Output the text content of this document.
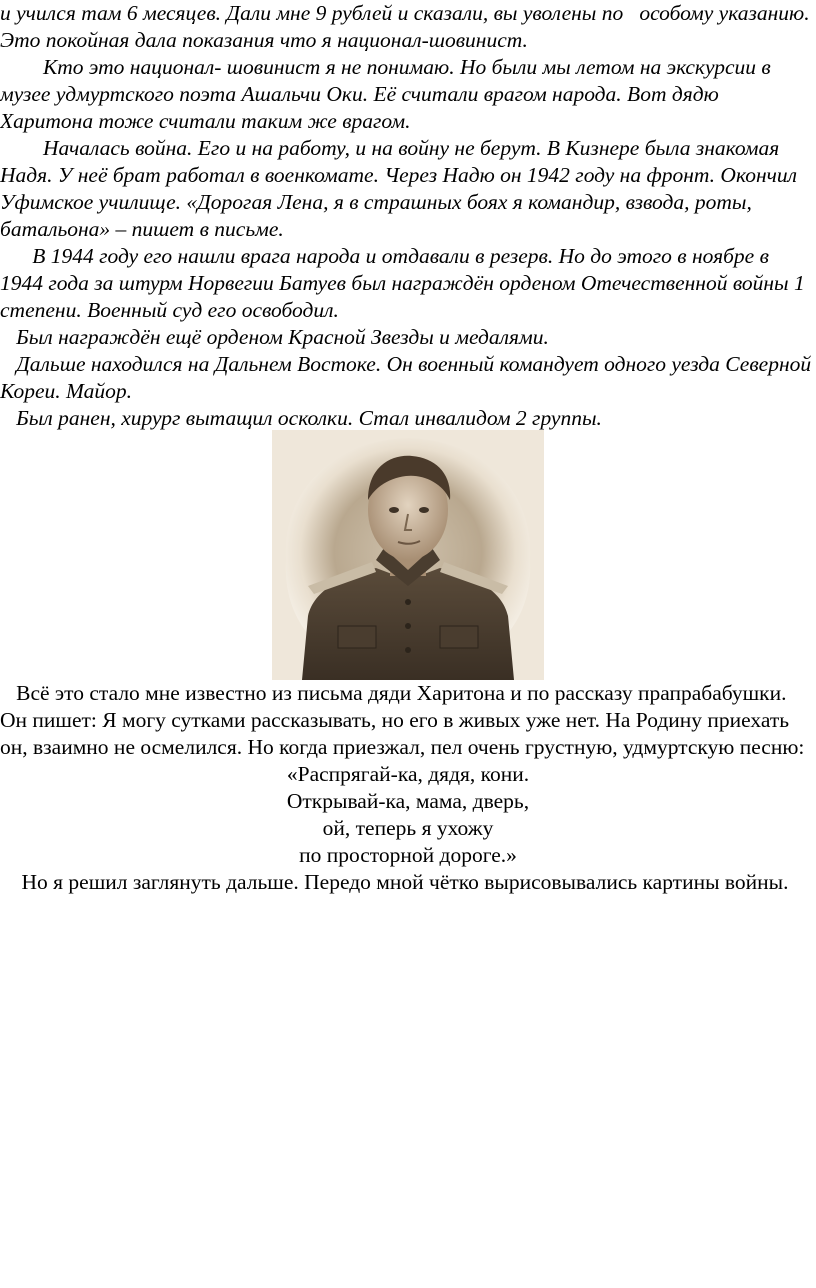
и учился там 6 месяцев. Дали мне 9 рублей и сказали, вы уволены по   особому указанию. Это покойная дала показания что я национал-шовинист.

Кто это национал- шовинист я не понимаю. Но были мы летом на экскурсии в музее удмуртского поэта Ашальчи Оки. Её считали врагом народа. Вот дядю Харитона тоже считали таким же врагом.

Началась война. Его и на работу, и на войну не берут. В Кизнере была знакомая Надя. У неё брат работал в военкомате. Через Надю он 1942 году на фронт. Окончил Уфимское училище. «Дорогая Лена, я в страшных боях я командир, взвода, роты, батальона» – пишет в письме.

В 1944 году его нашли врага народа и отдавали в резерв. Но до этого в ноябре в 1944 года за штурм Норвегии Батуев был награждён орденом Отечественной войны 1 степени. Военный суд его освободил.

Был награждён ещё орденом Красной Звезды и медалями.

Дальше находился на Дальнем Востоке. Он военный командует одного уезда Северной Кореи. Майор.

Был ранен, хирург вытащил осколки. Стал инвалидом 2 группы.

Всё это стало мне известно из письма дяди Харитона и по рассказу прапрабабушки. Он пишет: Я могу сутками рассказывать, но его в живых уже нет. На Родину приехать он, взаимно не осмелился. Но когда приезжал, пел очень грустную, удмуртскую песню:

«Распрягай-ка, дядя, кони.

Открывай-ка, мама, дверь,

ой, теперь я ухожу

по просторной дороге.»

Но я решил заглянуть дальше. Передо мной чётко вырисовывались картины войны.
